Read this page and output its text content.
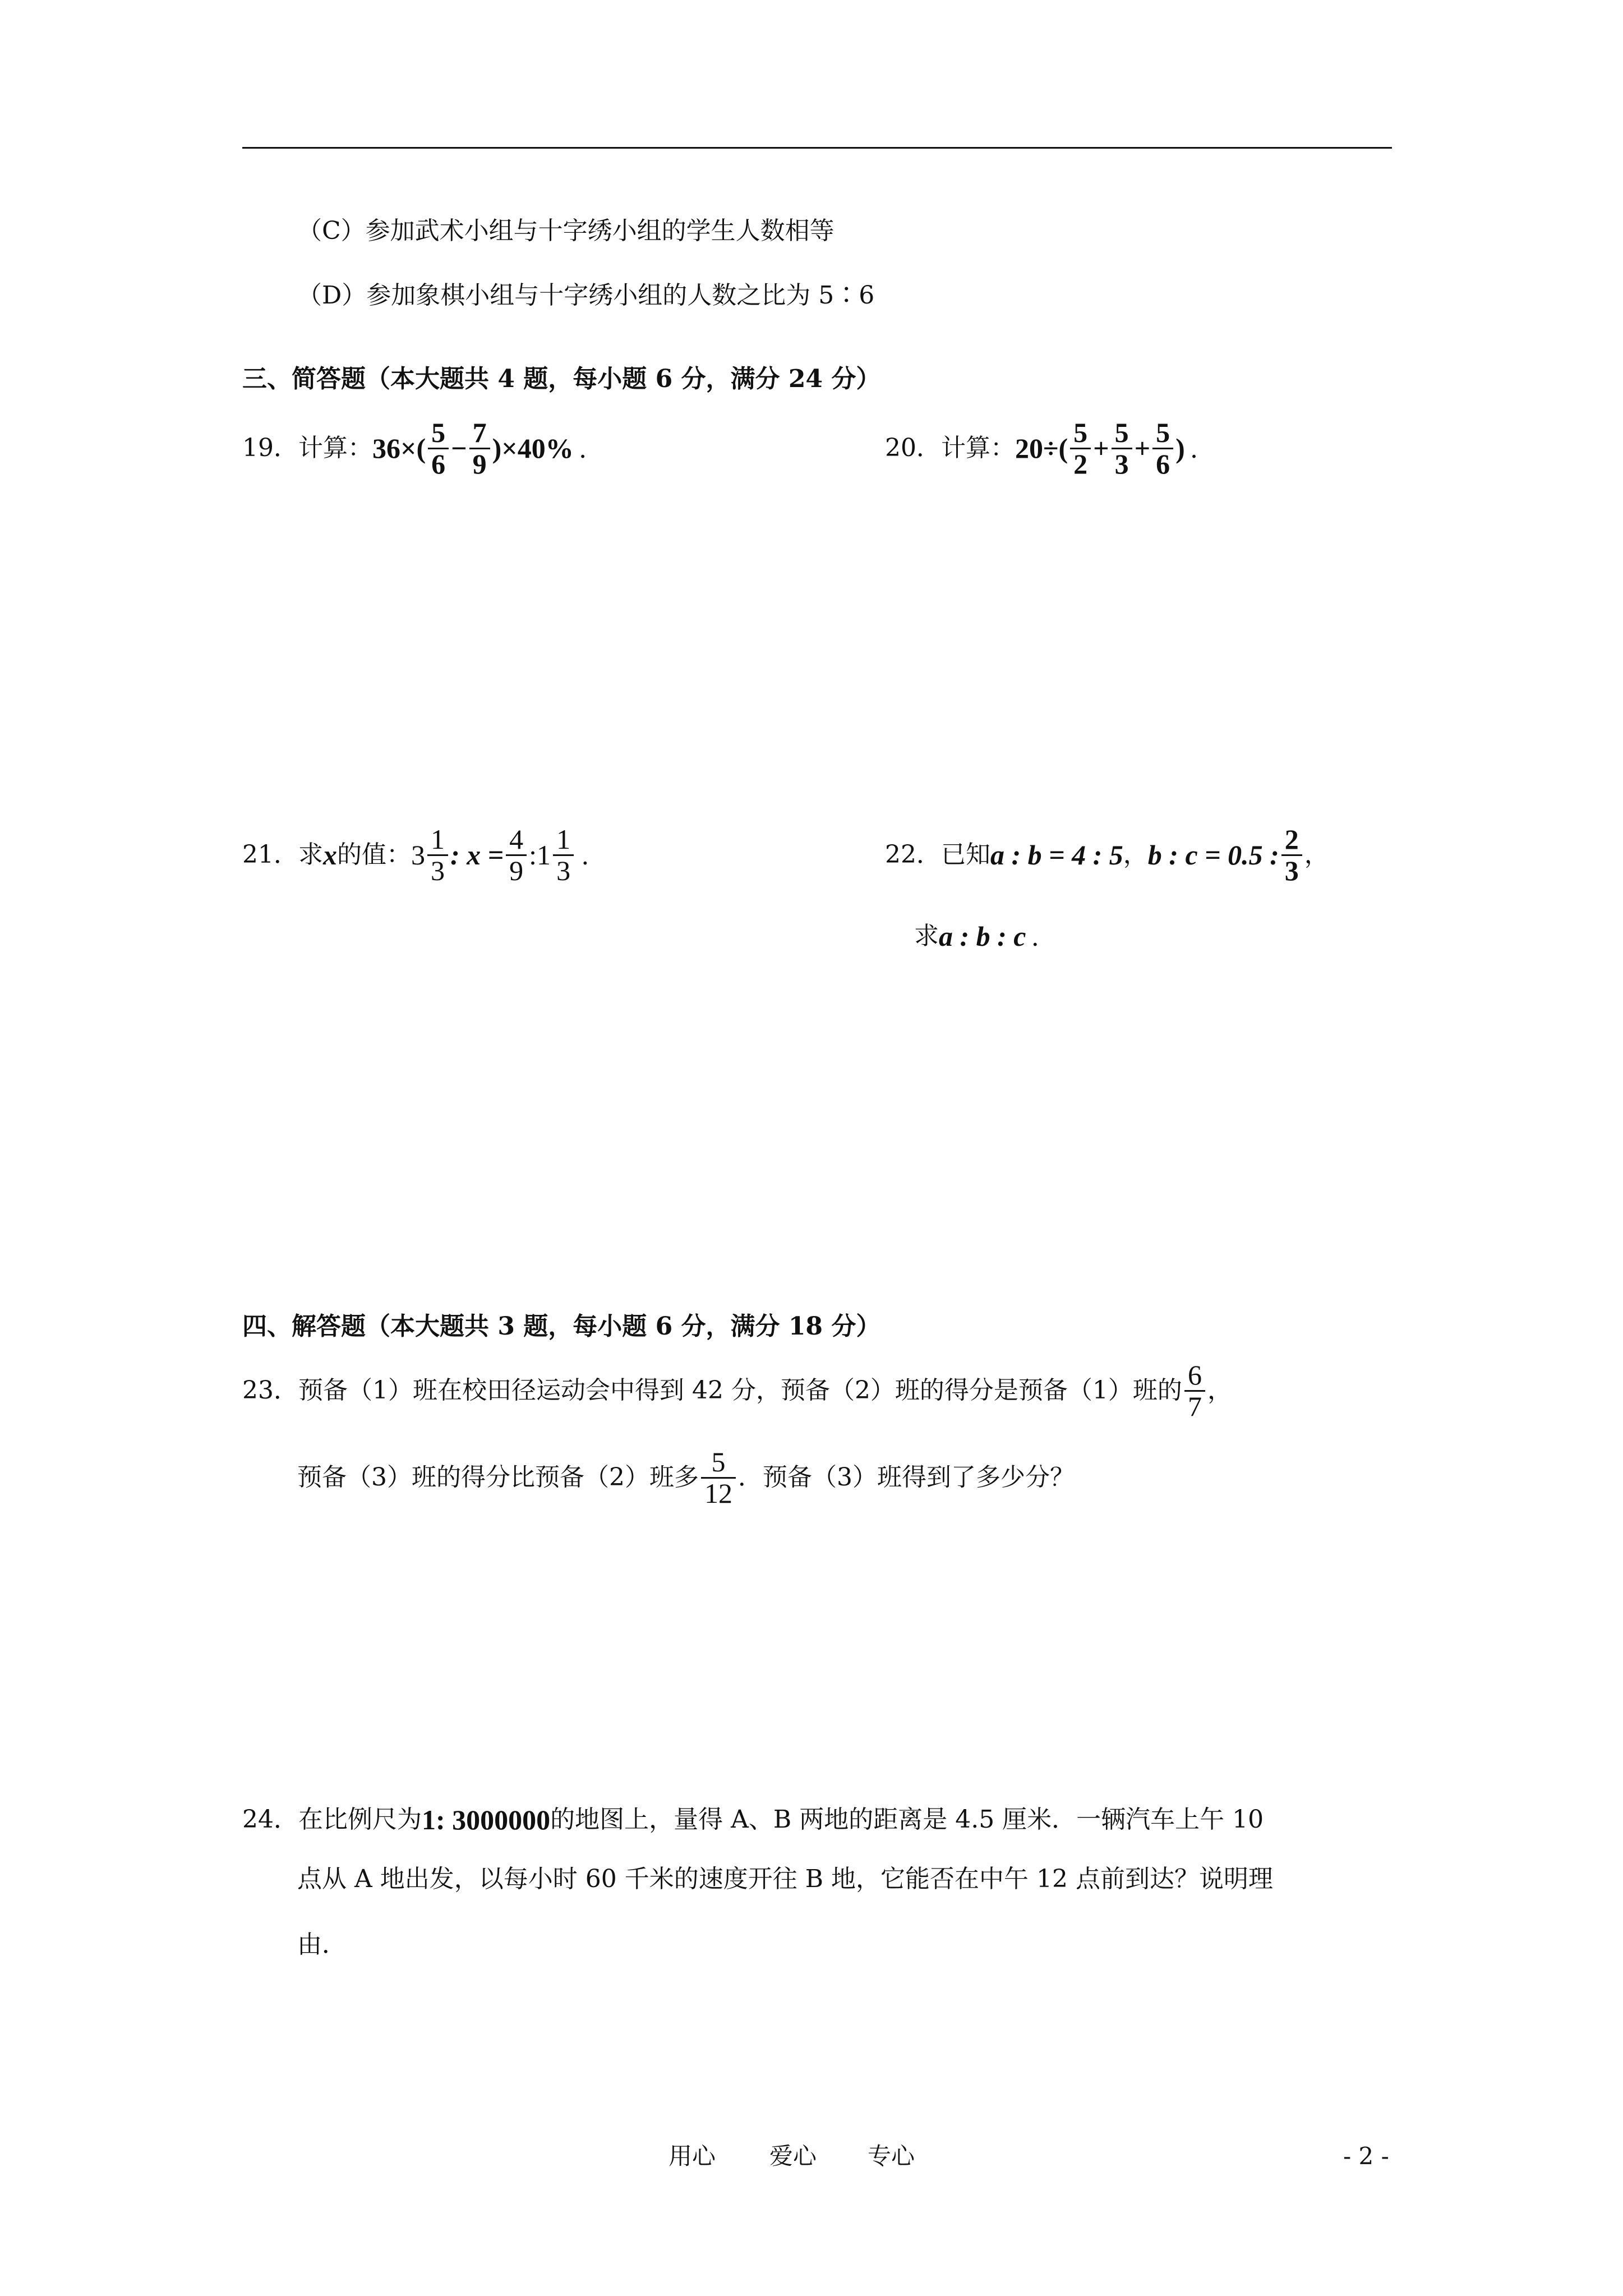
（C）参加武术小组与十字绣小组的学生人数相等
（D）参加象棋小组与十字绣小组的人数之比为 5∶6
三、简答题（本大题共 4 题，每小题 6 分，满分 24 分）
19．计算： $36\times( \frac{5}{6} - \frac{7}{9} )\times 40\%$ .	20．计算： $20\div( \frac{5}{2} + \frac{5}{3} + \frac{5}{6}$ ) .
21．求 x 的值： $3 \frac{1}{3}$ : $x = \frac{4}{9}$ :1 $\frac{1}{3}$ .	22．已知 a : b = 4 : 5 ， b : c = 0.5 : $\frac{2}{3}$ ，
求 a : b : c .
四、解答题（本大题共 3 题，每小题 6 分，满分 18 分）
23．预备（1）班在校田径运动会中得到 42 分，预备（2）班的得分是预备（1）班的 $\frac{6}{7}$ ，
预备（3）班的得分比预备（2）班多 $\frac{5}{12}$ ．预备（3）班得到了多少分？
24．在比例尺为 1: 3000000 的地图上，量得 A、B 两地的距离是 4.5 厘米．一辆汽车上午 10
点从 A 地出发，以每小时 60 千米的速度开往 B 地，它能否在中午 12 点前到达？说明理
由．
用心 爱心 专心	- 2 -
